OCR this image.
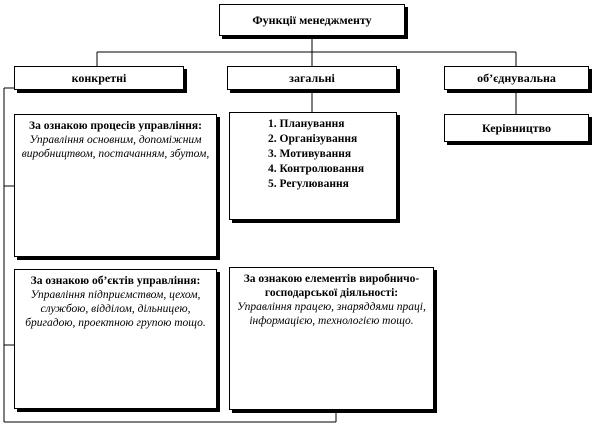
Функції менеджменту
конкретні	загальні	об’єднувальна
За ознакою процесів управління:
Управління основним, допоміжним виробництвом, постачанням, збутом,
За ознакою об’єктів управління:
Управління підприємством, цехом, службою, відділом, дільницею, бригадою, проектною групою тощо.
1. Планування
2. Організування
3. Мотивування
4. Контролювання
5. Регулювання
За ознакою елементів виробничо-господарської діяльності:
Управління працею, знаряддями праці, інформацією, технологією тощо.
Керівництво
